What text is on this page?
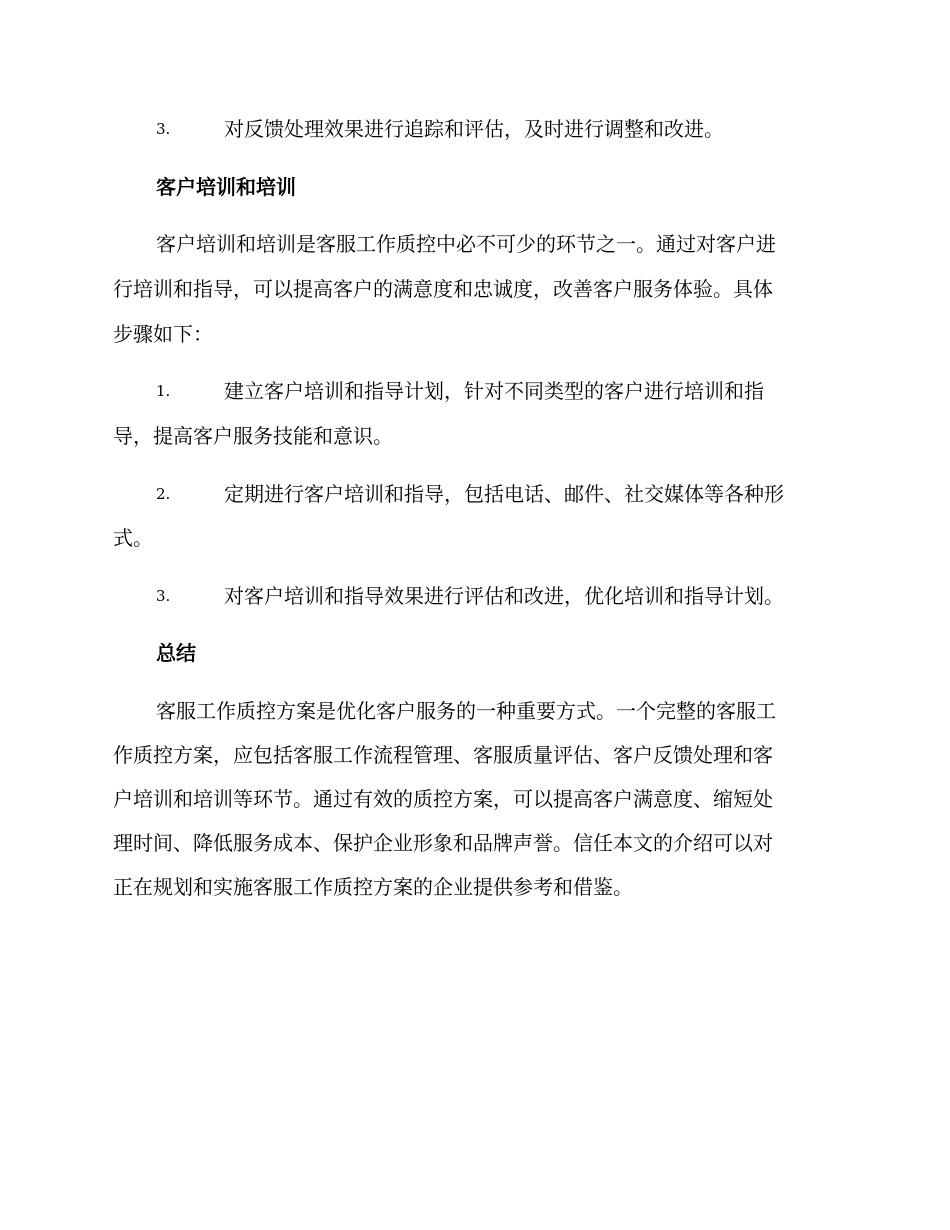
3.	对反馈处理效果进行追踪和评估，及时进行调整和改进。
客户培训和培训
客户培训和培训是客服工作质控中必不可少的环节之一。通过对客户进
行培训和指导，可以提高客户的满意度和忠诚度，改善客户服务体验。具体
步骤如下：
1.	建立客户培训和指导计划，针对不同类型的客户进行培训和指
导，提高客户服务技能和意识。
2.	定期进行客户培训和指导，包括电话、邮件、社交媒体等各种形
式。
3.	对客户培训和指导效果进行评估和改进，优化培训和指导计划。
总结
客服工作质控方案是优化客户服务的一种重要方式。一个完整的客服工
作质控方案，应包括客服工作流程管理、客服质量评估、客户反馈处理和客
户培训和培训等环节。通过有效的质控方案，可以提高客户满意度、缩短处
理时间、降低服务成本、保护企业形象和品牌声誉。信任本文的介绍可以对
正在规划和实施客服工作质控方案的企业提供参考和借鉴。
